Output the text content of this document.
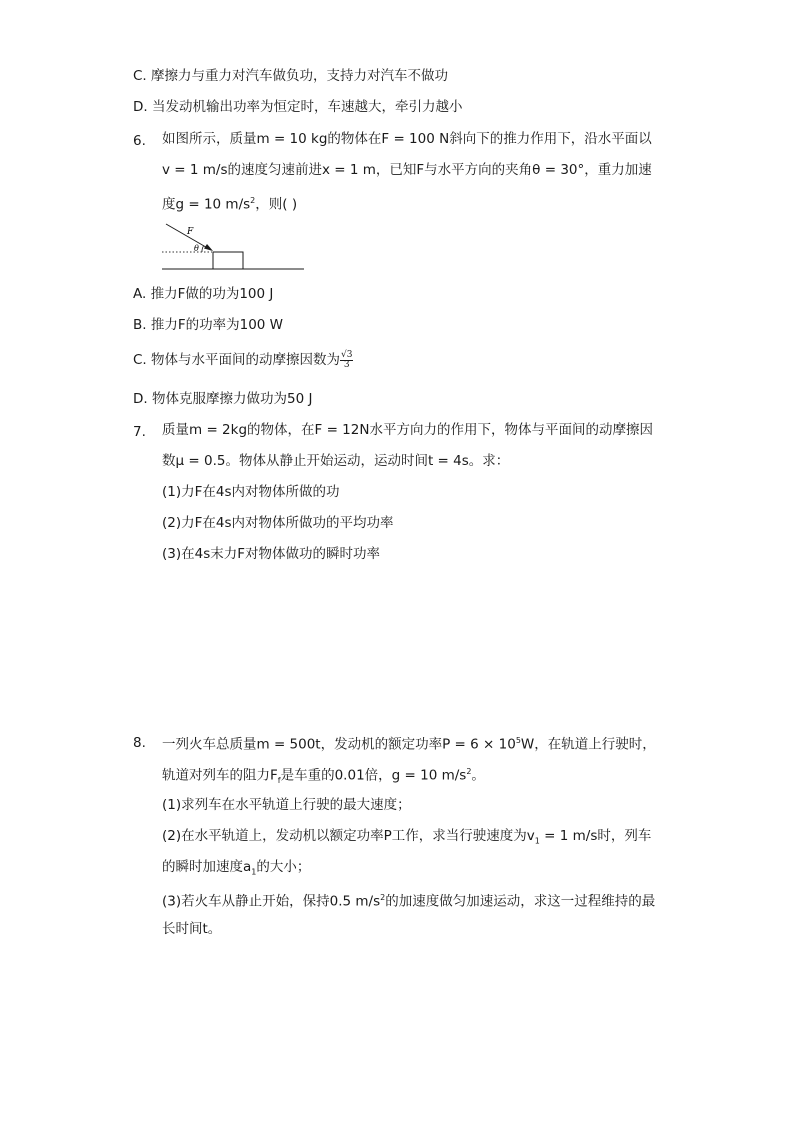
C. 摩擦力与重力对汽车做负功，支持力对汽车不做功
D. 当发动机输出功率为恒定时，车速越大，牵引力越小
6. 如图所示，质量m = 10 kg的物体在F = 100 N斜向下的推力作用下，沿水平面以
v = 1 m/s的速度匀速前进x = 1 m，已知F与水平方向的夹角θ = 30°，重力加速
度g = 10 $m/s^2$，则( )
F
θ
A. 推力F做的功为100 J
B. 推力F的功率为100 W
C. 物体与水平面间的动摩擦因数为 $\frac{√3}{3}$
D. 物体克服摩擦力做功为50 J
7. 质量m = 2kg的物体，在F = 12N水平方向力的作用下，物体与平面间的动摩擦因
数μ = 0.5。物体从静止开始运动，运动时间t = 4s。求：
(1)力F在4s内对物体所做的功
(2)力F在4s内对物体所做功的平均功率
(3)在4s末力F对物体做功的瞬时功率
8. 一列火车总质量m = 500t，发动机的额定功率$P = 6 \times 10^5W$，在轨道上行驶时，
轨道对列车的阻力$F_f$是车重的0.01倍，g = 10 $m/s^2$。
(1)求列车在水平轨道上行驶的最大速度；
(2)在水平轨道上，发动机以额定功率P工作，求当行驶速度为$v_1 = 1$ m/s时，列车
的瞬时加速度$a_1$的大小；
(3)若火车从静止开始，保持0.5 $m/s^2$的加速度做匀加速运动，求这一过程维持的最
长时间t。
